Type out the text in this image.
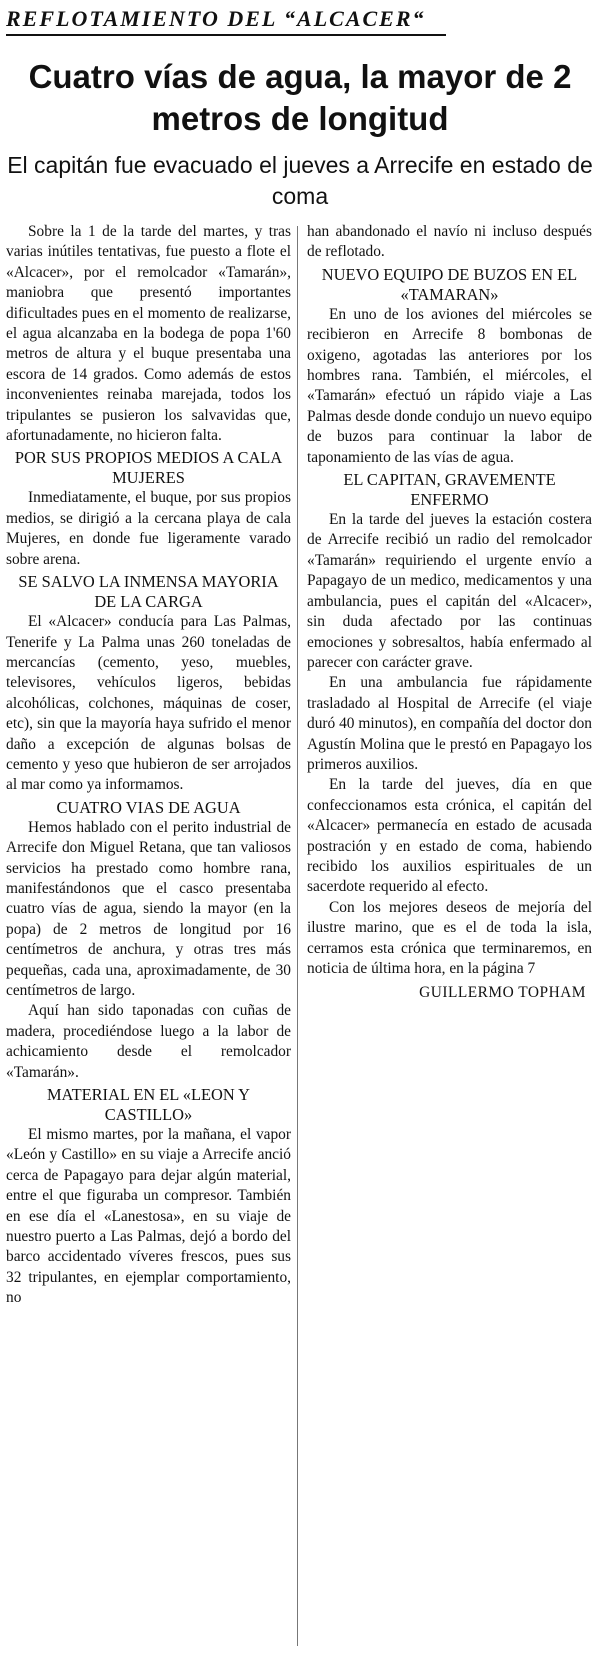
REFLOTAMIENTO DEL “ALCACER“
Cuatro vías de agua, la mayor de 2 metros de longitud
El capitán fue evacuado el jueves a Arrecife en estado de coma

Sobre la 1 de la tarde del martes, y tras varias inútiles tentativas, fue puesto a flote el «Alcacer», por el remolcador «Tamarán», maniobra que presentó importantes dificultades pues en el momento de realizarse, el agua alcanzaba en la bodega de popa 1'60 metros de altura y el buque presentaba una escora de 14 grados. Como además de estos inconvenientes reinaba marejada, todos los tripulantes se pusieron los salvavidas que, afortunadamente, no hicieron falta.

POR SUS PROPIOS MEDIOS A CALA MUJERES

Inmediatamente, el buque, por sus propios medios, se dirigió a la cercana playa de cala Mujeres, en donde fue ligeramente varado sobre arena.

SE SALVO LA INMENSA MAYORIA DE LA CARGA

El «Alcacer» conducía para Las Palmas, Tenerife y La Palma unas 260 toneladas de mercancías (cemento, yeso, muebles, televisores, vehículos ligeros, bebidas alcohólicas, colchones, máquinas de coser, etc), sin que la mayoría haya sufrido el menor daño a excepción de algunas bolsas de cemento y yeso que hubieron de ser arrojados al mar como ya informamos.

CUATRO VIAS DE AGUA

Hemos hablado con el perito industrial de Arrecife don Miguel Retana, que tan valiosos servicios ha prestado como hombre rana, manifestándonos que el casco presentaba cuatro vías de agua, siendo la mayor (en la popa) de 2 metros de longitud por 16 centímetros de anchura, y otras tres más pequeñas, cada una, aproximadamente, de 30 centímetros de largo.

Aquí han sido taponadas con cuñas de madera, procediéndose luego a la labor de achicamiento desde el remolcador «Tamarán».

MATERIAL EN EL «LEON Y CASTILLO»

El mismo martes, por la mañana, el vapor «León y Castillo» en su viaje a Arrecife anció cerca de Papagayo para dejar algún material, entre el que figuraba un compresor. También en ese día el «Lanestosa», en su viaje de nuestro puerto a Las Palmas, dejó a bordo del barco accidentado víveres frescos, pues sus 32 tripulantes, en ejemplar comportamiento, no

han abandonado el navío ni incluso después de reflotado.

NUEVO EQUIPO DE BUZOS EN EL «TAMARAN»

En uno de los aviones del miércoles se recibieron en Arrecife 8 bombonas de oxigeno, agotadas las anteriores por los hombres rana. También, el miércoles, el «Tamarán» efectuó un rápido viaje a Las Palmas desde donde condujo un nuevo equipo de buzos para continuar la labor de taponamiento de las vías de agua.

EL CAPITAN, GRAVEMENTE ENFERMO

En la tarde del jueves la estación costera de Arrecife recibió un radio del remolcador «Tamarán» requiriendo el urgente envío a Papagayo de un medico, medicamentos y una ambulancia, pues el capitán del «Alcacer», sin duda afectado por las continuas emociones y sobresaltos, había enfermado al parecer con carácter grave.

En una ambulancia fue rápidamente trasladado al Hospital de Arrecife (el viaje duró 40 minutos), en compañía del doctor don Agustín Molina que le prestó en Papagayo los primeros auxilios.

En la tarde del jueves, día en que confeccionamos esta crónica, el capitán del «Alcacer» permanecía en estado de acusada postración y en estado de coma, habiendo recibido los auxilios espirituales de un sacerdote requerido al efecto.

Con los mejores deseos de mejoría del ilustre marino, que es el de toda la isla, cerramos esta crónica que terminaremos, en noticia de última hora, en la página 7

GUILLERMO TOPHAM
